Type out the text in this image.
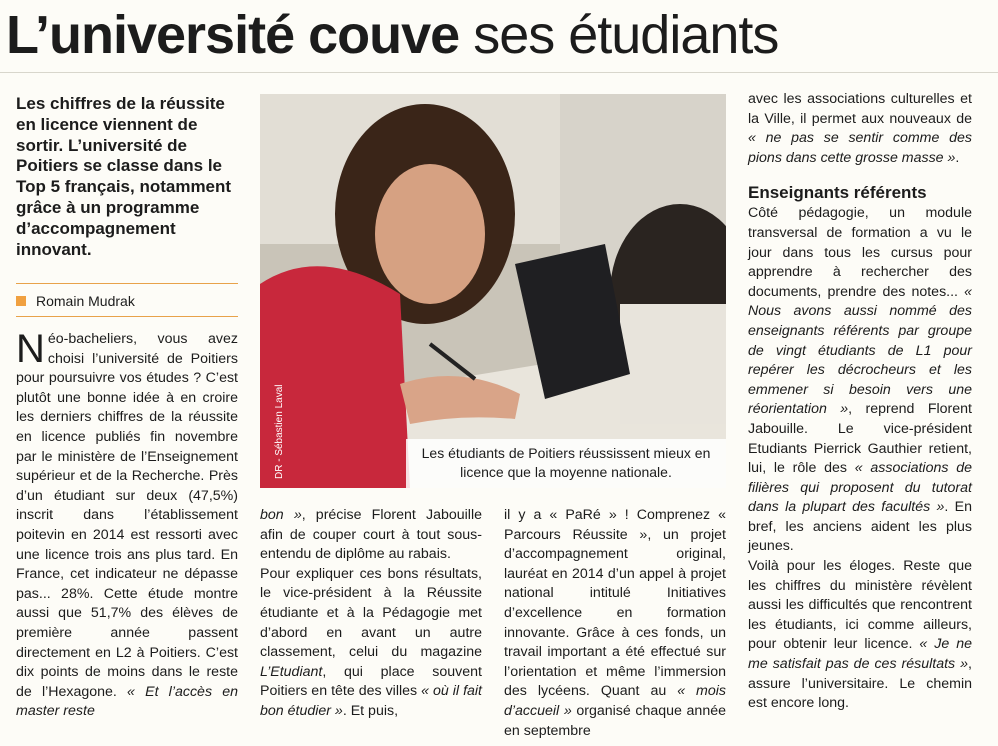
L’université couve ses étudiants
Les chiffres de la réussite en licence viennent de sortir. L’université de Poitiers se classe dans le Top 5 français, notamment grâce à un programme d’accompagnement innovant.
Romain Mudrak
DR - Sébastien Laval	Les étudiants de Poitiers réussissent mieux en licence que la moyenne nationale.

Néo-bacheliers, vous avez choisi l’université de Poitiers pour poursuivre vos études ? C’est plutôt une bonne idée à en croire les derniers chiffres de la réussite en licence publiés fin novembre par le ministère de l’Enseignement supérieur et de la Recherche. Près d’un étudiant sur deux (47,5%) inscrit dans l’établissement poitevin en 2014 est ressorti avec une licence trois ans plus tard. En France, cet indicateur ne dépasse pas... 28%. Cette étude montre aussi que 51,7% des élèves de première année passent directement en L2 à Poitiers. C’est dix points de moins dans le reste de l’Hexagone. « Et l’accès en master reste

bon », précise Florent Jabouille afin de couper court à tout sous-entendu de diplôme au rabais.

Pour expliquer ces bons résultats, le vice-président à la Réussite étudiante et à la Pédagogie met d’abord en avant un autre classement, celui du magazine L’Etudiant, qui place souvent Poitiers en tête des villes « où il fait bon étudier ». Et puis,

il y a « PaRé » ! Comprenez « Parcours Réussite », un projet d’accompagnement original, lauréat en 2014 d’un appel à projet national intitulé Initiatives d’excellence en formation innovante. Grâce à ces fonds, un travail important a été effectué sur l’orientation et même l’immersion des lycéens. Quant au « mois d’accueil » organisé chaque année en septembre

avec les associations culturelles et la Ville, il permet aux nouveaux de « ne pas se sentir comme des pions dans cette grosse masse ».

Enseignants référents

Côté pédagogie, un module transversal de formation a vu le jour dans tous les cursus pour apprendre à rechercher des documents, prendre des notes... « Nous avons aussi nommé des enseignants référents par groupe de vingt étudiants de L1 pour repérer les décrocheurs et les emmener si besoin vers une réorientation », reprend Florent Jabouille. Le vice-président Etudiants Pierrick Gauthier retient, lui, le rôle des « associations de filières qui proposent du tutorat dans la plupart des facultés ». En bref, les anciens aident les plus jeunes.

Voilà pour les éloges. Reste que les chiffres du ministère révèlent aussi les difficultés que rencontrent les étudiants, ici comme ailleurs, pour obtenir leur licence. « Je ne me satisfait pas de ces résultats », assure l’universitaire. Le chemin est encore long.
